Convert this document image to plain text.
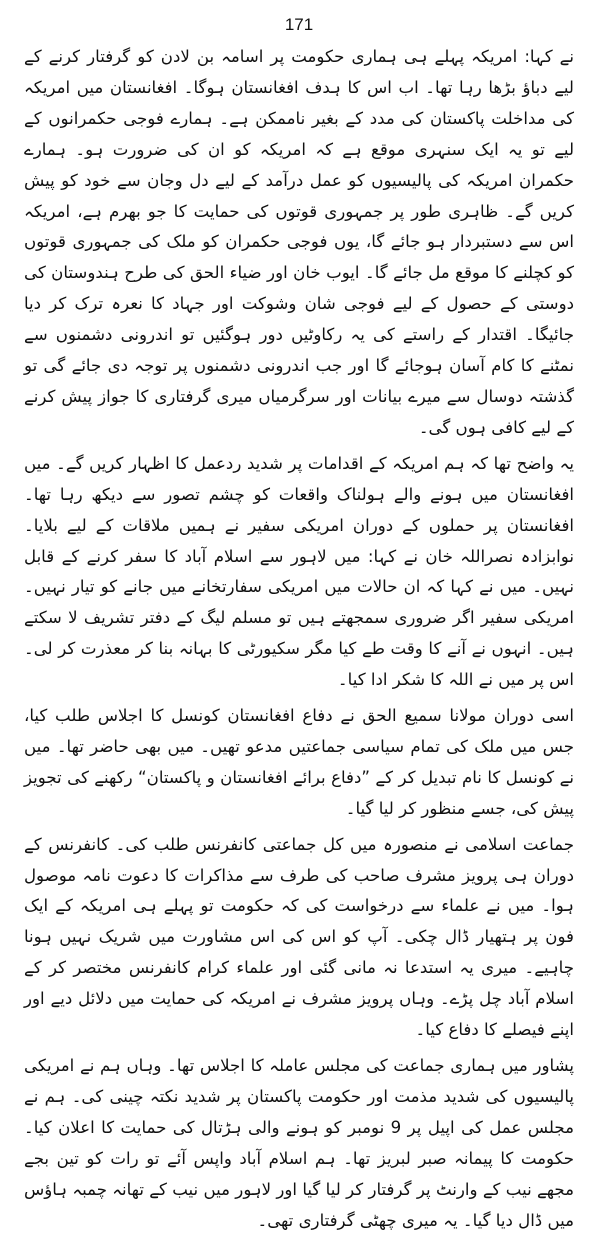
171

نے کہا: امریکہ پہلے ہی ہماری حکومت پر اسامہ بن لادن کو گرفتار کرنے کے لیے دباؤ بڑھا رہا تھا۔ اب اس کا ہدف افغانستان ہوگا۔ افغانستان میں امریکہ کی مداخلت پاکستان کی مدد کے بغیر ناممکن ہے۔ ہمارے فوجی حکمرانوں کے لیے تو یہ ایک سنہری موقع ہے کہ امریکہ کو ان کی ضرورت ہو۔ ہمارے حکمران امریکہ کی پالیسیوں کو عمل درآمد کے لیے دل وجان سے خود کو پیش کریں گے۔ ظاہری طور پر جمہوری قوتوں کی حمایت کا جو بھرم ہے، امریکہ اس سے دستبردار ہو جائے گا، یوں فوجی حکمران کو ملک کی جمہوری قوتوں کو کچلنے کا موقع مل جائے گا۔ ایوب خان اور ضیاء الحق کی طرح ہندوستان کی دوستی کے حصول کے لیے فوجی شان وشوکت اور جہاد کا نعرہ ترک کر دیا جائیگا۔ اقتدار کے راستے کی یہ رکاوٹیں دور ہوگئیں تو اندرونی دشمنوں سے نمٹنے کا کام آسان ہوجائے گا اور جب اندرونی دشمنوں پر توجہ دی جائے گی تو گذشتہ دوسال سے میرے بیانات اور سرگرمیاں میری گرفتاری کا جواز پیش کرنے کے لیے کافی ہوں گی۔

یہ واضح تھا کہ ہم امریکہ کے اقدامات پر شدید ردعمل کا اظہار کریں گے۔ میں افغانستان میں ہونے والے ہولناک واقعات کو چشم تصور سے دیکھ رہا تھا۔ افغانستان پر حملوں کے دوران امریکی سفیر نے ہمیں ملاقات کے لیے بلایا۔ نوابزادہ نصراللہ خان نے کہا: میں لاہور سے اسلام آباد کا سفر کرنے کے قابل نہیں۔ میں نے کہا کہ ان حالات میں امریکی سفارتخانے میں جانے کو تیار نہیں۔ امریکی سفیر اگر ضروری سمجھتے ہیں تو مسلم لیگ کے دفتر تشریف لا سکتے ہیں۔ انہوں نے آنے کا وقت طے کیا مگر سکیورٹی کا بہانہ بنا کر معذرت کر لی۔ اس پر میں نے اللہ کا شکر ادا کیا۔

اسی دوران مولانا سمیع الحق نے دفاع افغانستان کونسل کا اجلاس طلب کیا، جس میں ملک کی تمام سیاسی جماعتیں مدعو تھیں۔ میں بھی حاضر تھا۔ میں نے کونسل کا نام تبدیل کر کے ”دفاع برائے افغانستان و پاکستان“ رکھنے کی تجویز پیش کی، جسے منظور کر لیا گیا۔

جماعت اسلامی نے منصورہ میں کل جماعتی کانفرنس طلب کی۔ کانفرنس کے دوران ہی پرویز مشرف صاحب کی طرف سے مذاکرات کا دعوت نامہ موصول ہوا۔ میں نے علماء سے درخواست کی کہ حکومت تو پہلے ہی امریکہ کے ایک فون پر ہتھیار ڈال چکی۔ آپ کو اس کی اس مشاورت میں شریک نہیں ہونا چاہیے۔ میری یہ استدعا نہ مانی گئی اور علماء کرام کانفرنس مختصر کر کے اسلام آباد چل پڑے۔ وہاں پرویز مشرف نے امریکہ کی حمایت میں دلائل دیے اور اپنے فیصلے کا دفاع کیا۔

پشاور میں ہماری جماعت کی مجلس عاملہ کا اجلاس تھا۔ وہاں ہم نے امریکی پالیسیوں کی شدید مذمت اور حکومت پاکستان پر شدید نکتہ چینی کی۔ ہم نے مجلس عمل کی اپیل پر 9 نومبر کو ہونے والی ہڑتال کی حمایت کا اعلان کیا۔ حکومت کا پیمانہ صبر لبریز تھا۔ ہم اسلام آباد واپس آئے تو رات کو تین بجے مجھے نیب کے وارنٹ پر گرفتار کر لیا گیا اور لاہور میں نیب کے تھانہ چمبہ ہاؤس میں ڈال دیا گیا۔ یہ میری چھٹی گرفتاری تھی۔
